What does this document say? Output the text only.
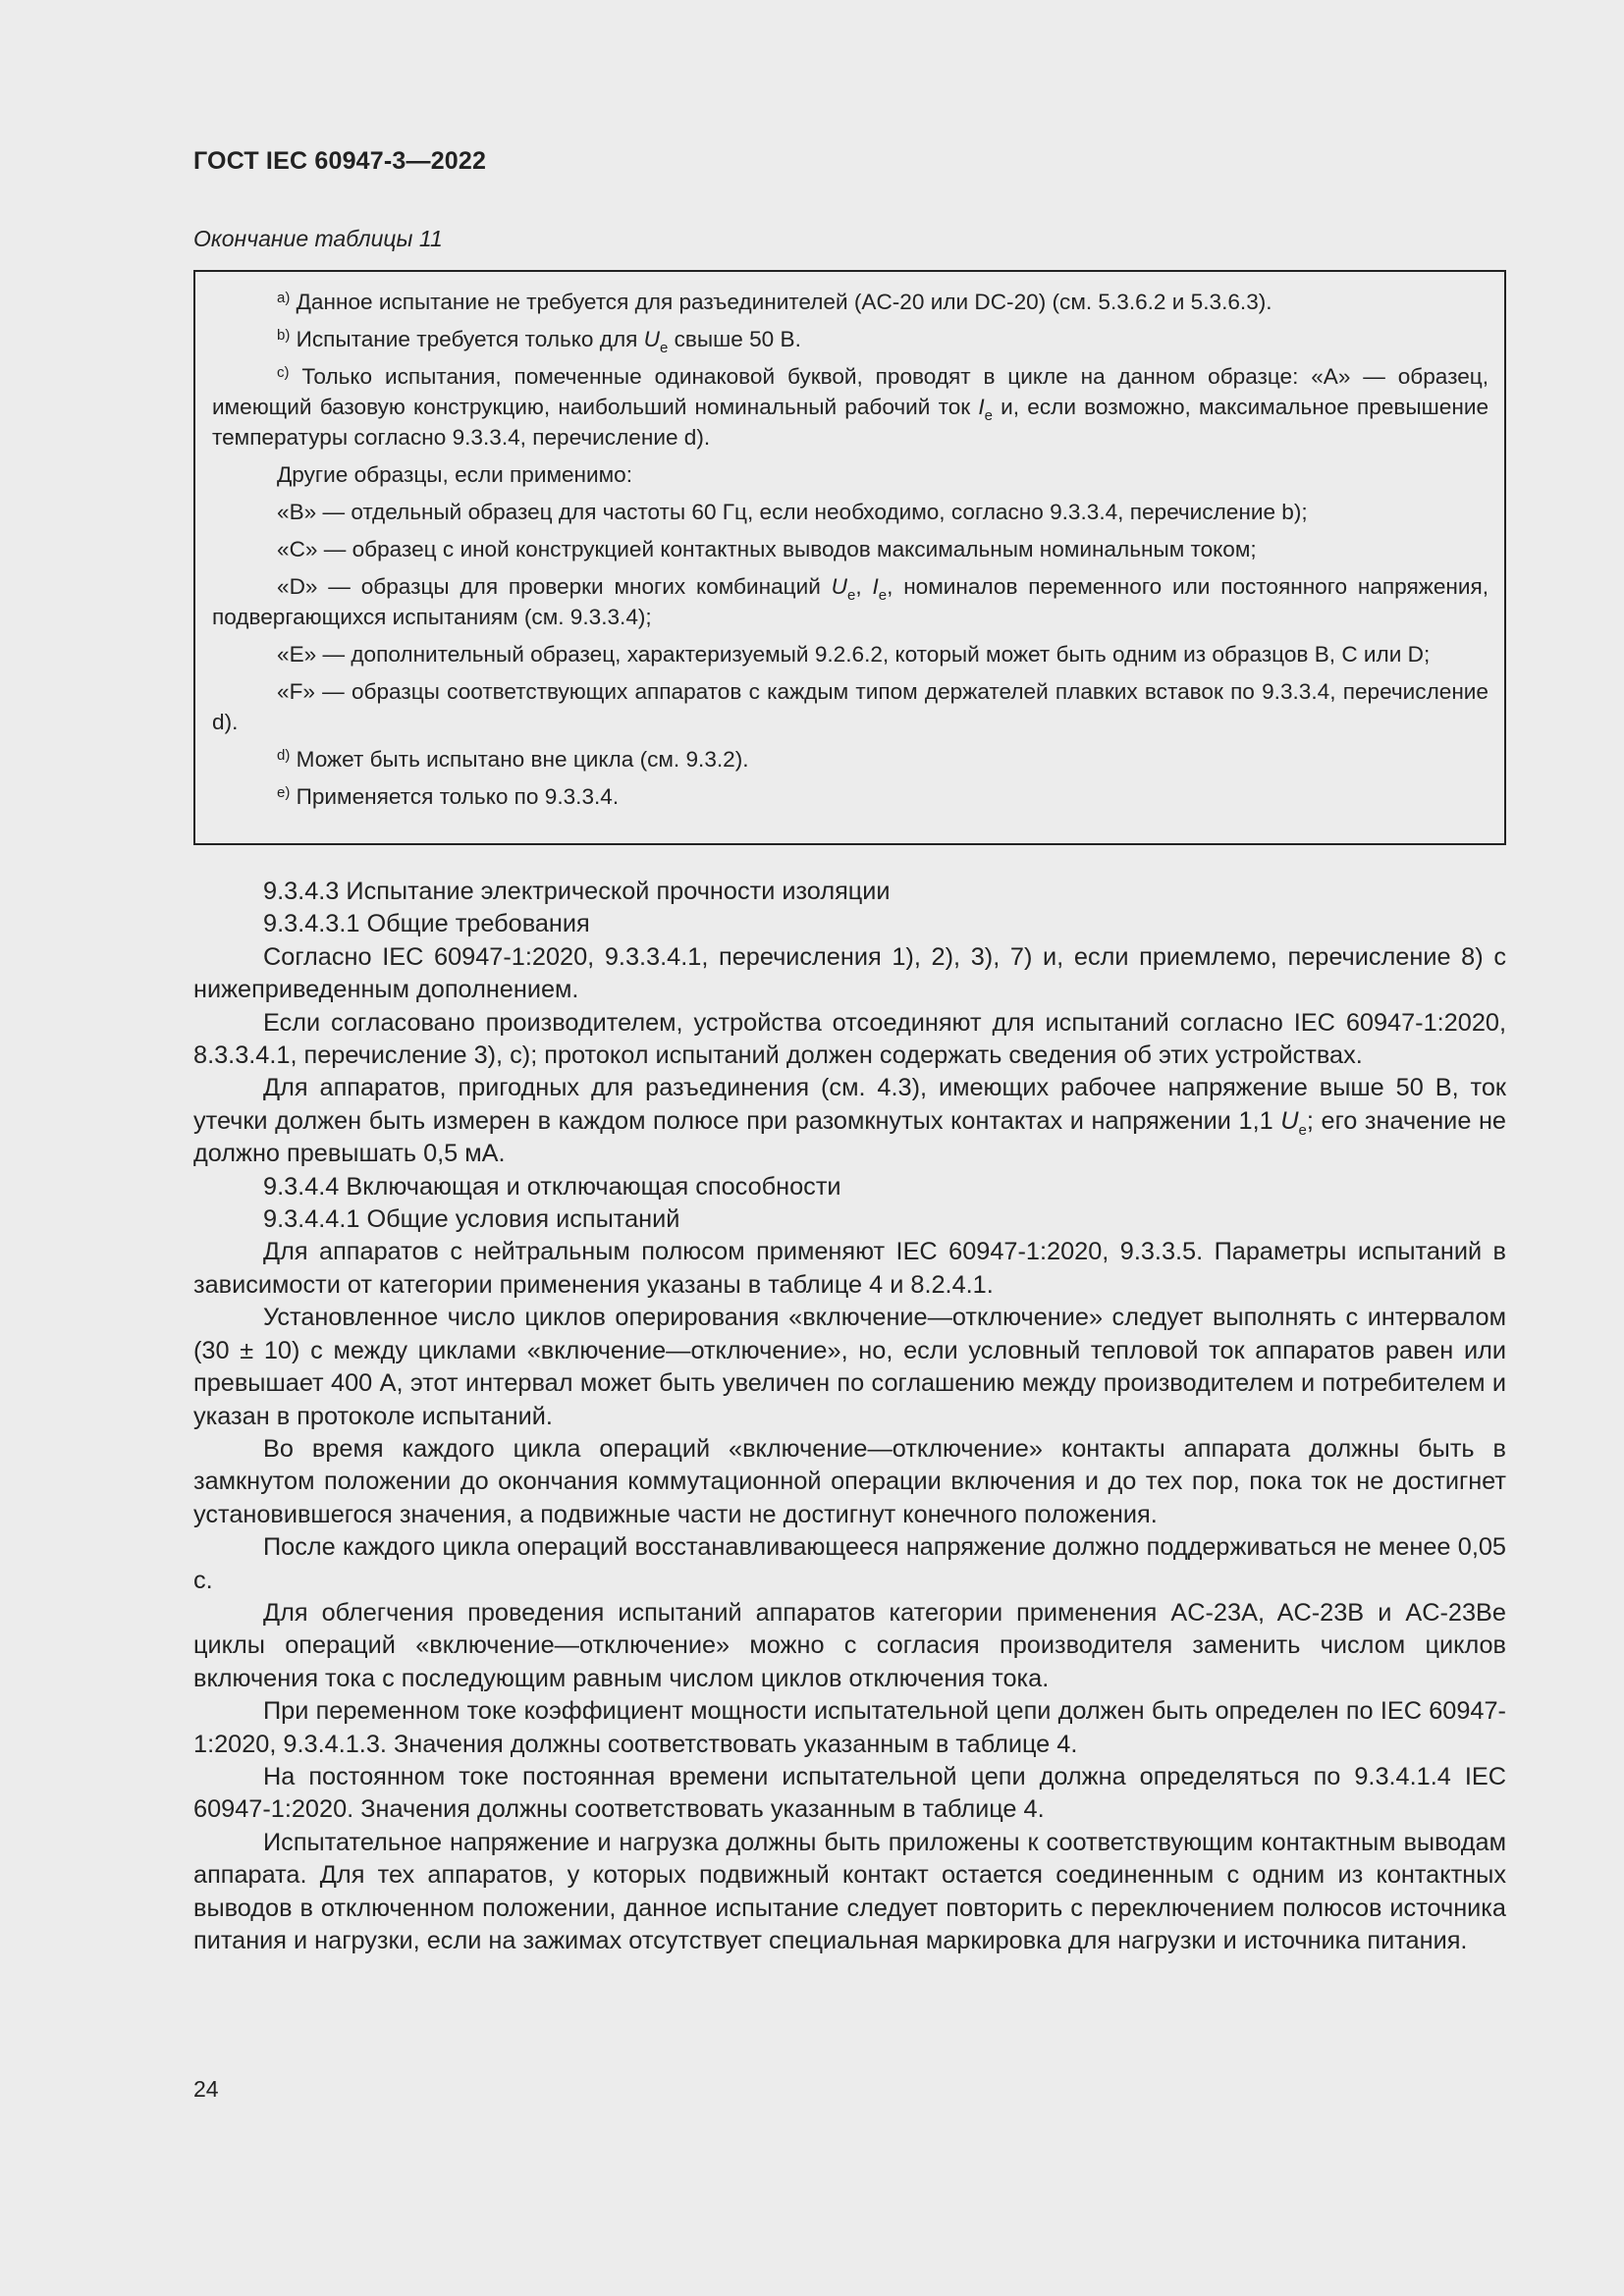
ГОСТ IEC 60947-3—2022
Окончание таблицы 11

$^{a)}$ Данное испытание не требуется для разъединителей (AC-20 или DC-20) (см. 5.3.6.2 и 5.3.6.3).

$^{b)}$ Испытание требуется только для $U_e$ свыше 50 В.

$^{c)}$ Только испытания, помеченные одинаковой буквой, проводят в цикле на данном образце: «А» — образец, имеющий базовую конструкцию, наибольший номинальный рабочий ток $I_e$ и, если возможно, максимальное превышение температуры согласно 9.3.3.4, перечисление d).

Другие образцы, если применимо:

«B» — отдельный образец для частоты 60 Гц, если необходимо, согласно 9.3.3.4, перечисление b);

«C» — образец с иной конструкцией контактных выводов максимальным номинальным током;

«D» — образцы для проверки многих комбинаций $U_e$, $I_e$, номиналов переменного или постоянного напряжения, подвергающихся испытаниям (см. 9.3.3.4);

«E» — дополнительный образец, характеризуемый 9.2.6.2, который может быть одним из образцов B, C или D;

«F» — образцы соответствующих аппаратов с каждым типом держателей плавких вставок по 9.3.3.4, перечисление d).

$^{d)}$ Может быть испытано вне цикла (см. 9.3.2).

$^{e)}$ Применяется только по 9.3.3.4.

9.3.4.3 Испытание электрической прочности изоляции

9.3.4.3.1 Общие требования

Согласно IEC 60947-1:2020, 9.3.3.4.1, перечисления 1), 2), 3), 7) и, если приемлемо, перечисление 8) с нижеприведенным дополнением.

Если согласовано производителем, устройства отсоединяют для испытаний согласно IEC 60947-1:2020, 8.3.3.4.1, перечисление 3), c); протокол испытаний должен содержать сведения об этих устройствах.

Для аппаратов, пригодных для разъединения (см. 4.3), имеющих рабочее напряжение выше 50 В, ток утечки должен быть измерен в каждом полюсе при разомкнутых контактах и напряжении 1,1 $U_e$; его значение не должно превышать 0,5 мА.

9.3.4.4 Включающая и отключающая способности

9.3.4.4.1 Общие условия испытаний

Для аппаратов с нейтральным полюсом применяют IEC 60947-1:2020, 9.3.3.5. Параметры испытаний в зависимости от категории применения указаны в таблице 4 и 8.2.4.1.

Установленное число циклов оперирования «включение—отключение» следует выполнять с интервалом (30 ± 10) с между циклами «включение—отключение», но, если условный тепловой ток аппаратов равен или превышает 400 А, этот интервал может быть увеличен по соглашению между производителем и потребителем и указан в протоколе испытаний.

Во время каждого цикла операций «включение—отключение» контакты аппарата должны быть в замкнутом положении до окончания коммутационной операции включения и до тех пор, пока ток не достигнет установившегося значения, а подвижные части не достигнут конечного положения.

После каждого цикла операций восстанавливающееся напряжение должно поддерживаться не менее 0,05 с.

Для облегчения проведения испытаний аппаратов категории применения AC-23A, AC-23B и AC-23Be циклы операций «включение—отключение» можно с согласия производителя заменить числом циклов включения тока с последующим равным числом циклов отключения тока.

При переменном токе коэффициент мощности испытательной цепи должен быть определен по IEC 60947-1:2020, 9.3.4.1.3. Значения должны соответствовать указанным в таблице 4.

На постоянном токе постоянная времени испытательной цепи должна определяться по 9.3.4.1.4 IEC 60947-1:2020. Значения должны соответствовать указанным в таблице 4.

Испытательное напряжение и нагрузка должны быть приложены к соответствующим контактным выводам аппарата. Для тех аппаратов, у которых подвижный контакт остается соединенным с одним из контактных выводов в отключенном положении, данное испытание следует повторить с переключением полюсов источника питания и нагрузки, если на зажимах отсутствует специальная маркировка для нагрузки и источника питания.

24
